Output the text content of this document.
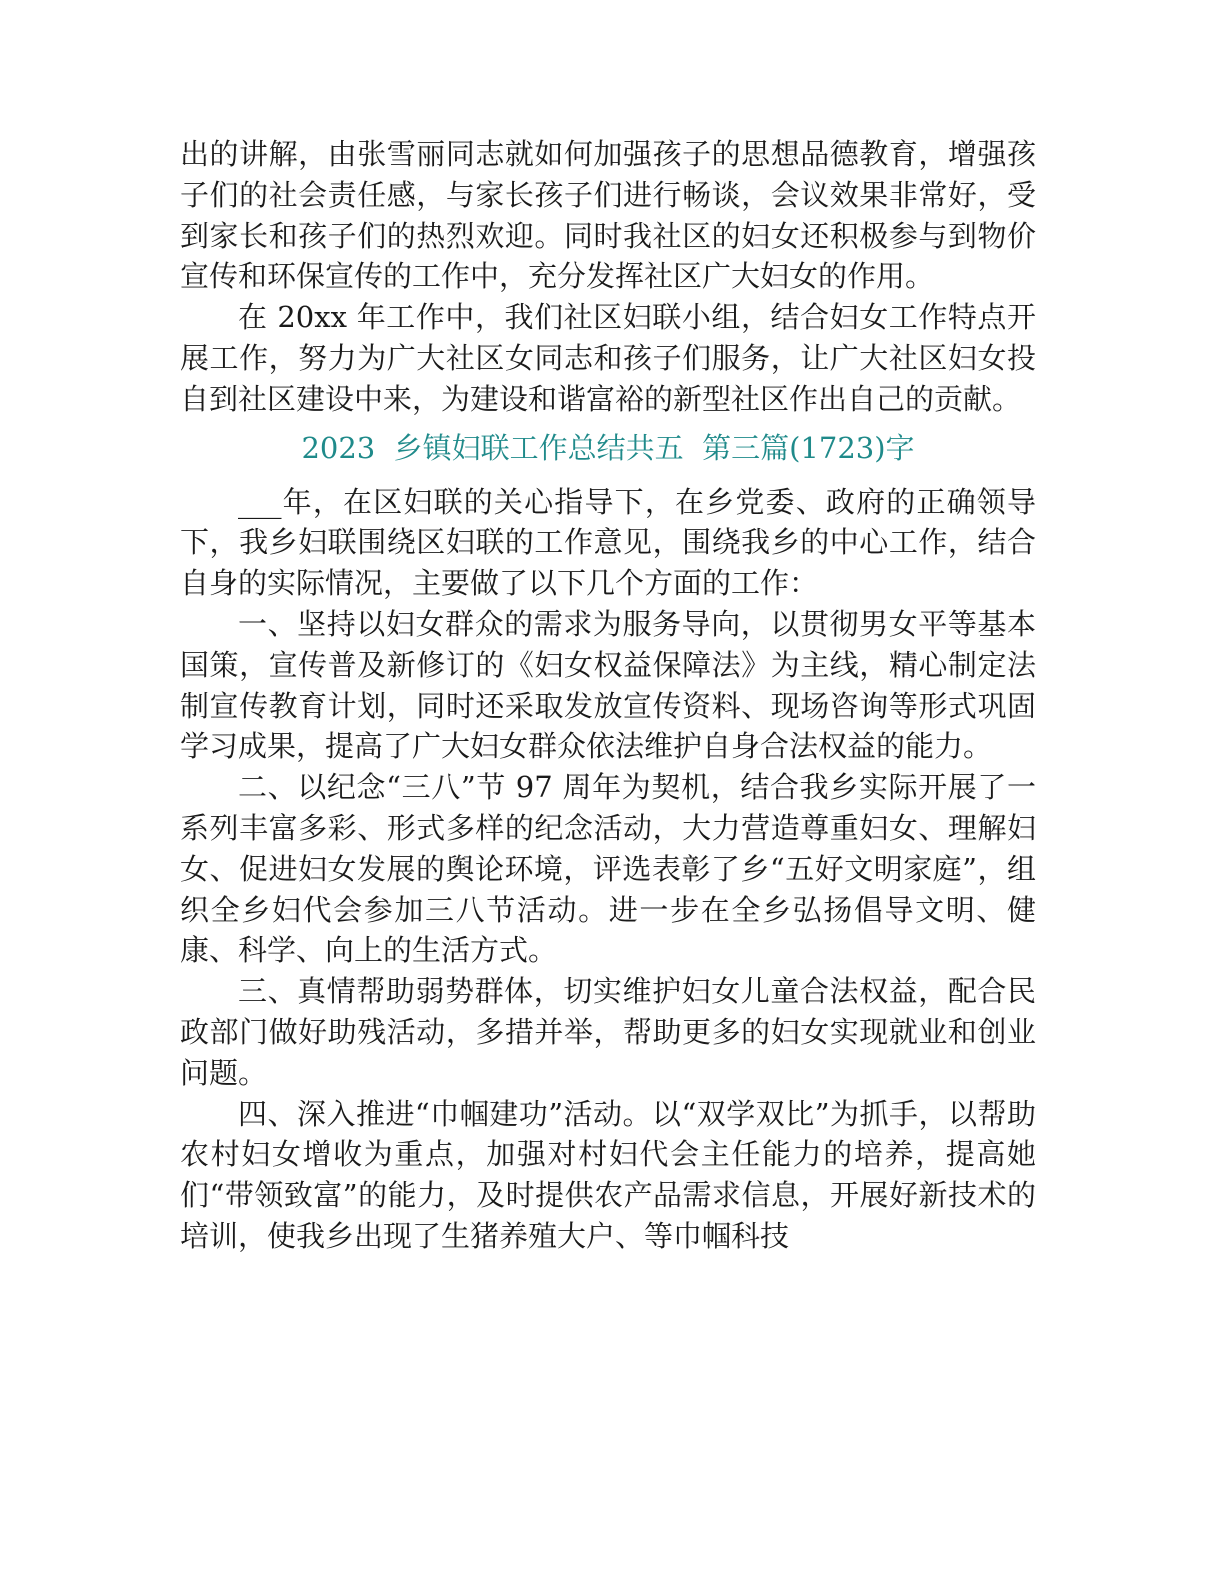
出的讲解，由张雪丽同志就如何加强孩子的思想品德教育，增强孩子们的社会责任感，与家长孩子们进行畅谈，会议效果非常好，受到家长和孩子们的热烈欢迎。同时我社区的妇女还积极参与到物价宣传和环保宣传的工作中，充分发挥社区广大妇女的作用。

在 20xx 年工作中，我们社区妇联小组，结合妇女工作特点开展工作，努力为广大社区女同志和孩子们服务，让广大社区妇女投自到社区建设中来，为建设和谐富裕的新型社区作出自己的贡献。

2023  乡镇妇联工作总结共五  第三篇(1723)字

___年，在区妇联的关心指导下，在乡党委、政府的正确领导下，我乡妇联围绕区妇联的工作意见，围绕我乡的中心工作，结合自身的实际情况，主要做了以下几个方面的工作：

一、坚持以妇女群众的需求为服务导向，以贯彻男女平等基本国策，宣传普及新修订的《妇女权益保障法》为主线，精心制定法制宣传教育计划，同时还采取发放宣传资料、现场咨询等形式巩固学习成果，提高了广大妇女群众依法维护自身合法权益的能力。

二、以纪念“三八”节 97 周年为契机，结合我乡实际开展了一系列丰富多彩、形式多样的纪念活动，大力营造尊重妇女、理解妇女、促进妇女发展的舆论环境，评选表彰了乡“五好文明家庭”，组织全乡妇代会参加三八节活动。进一步在全乡弘扬倡导文明、健康、科学、向上的生活方式。

三、真情帮助弱势群体，切实维护妇女儿童合法权益，配合民政部门做好助残活动，多措并举，帮助更多的妇女实现就业和创业问题。

四、深入推进“巾帼建功”活动。以“双学双比”为抓手，以帮助农村妇女增收为重点，加强对村妇代会主任能力的培养，提高她们“带领致富”的能力，及时提供农产品需求信息，开展好新技术的培训，使我乡出现了生猪养殖大户、等巾帼科技
